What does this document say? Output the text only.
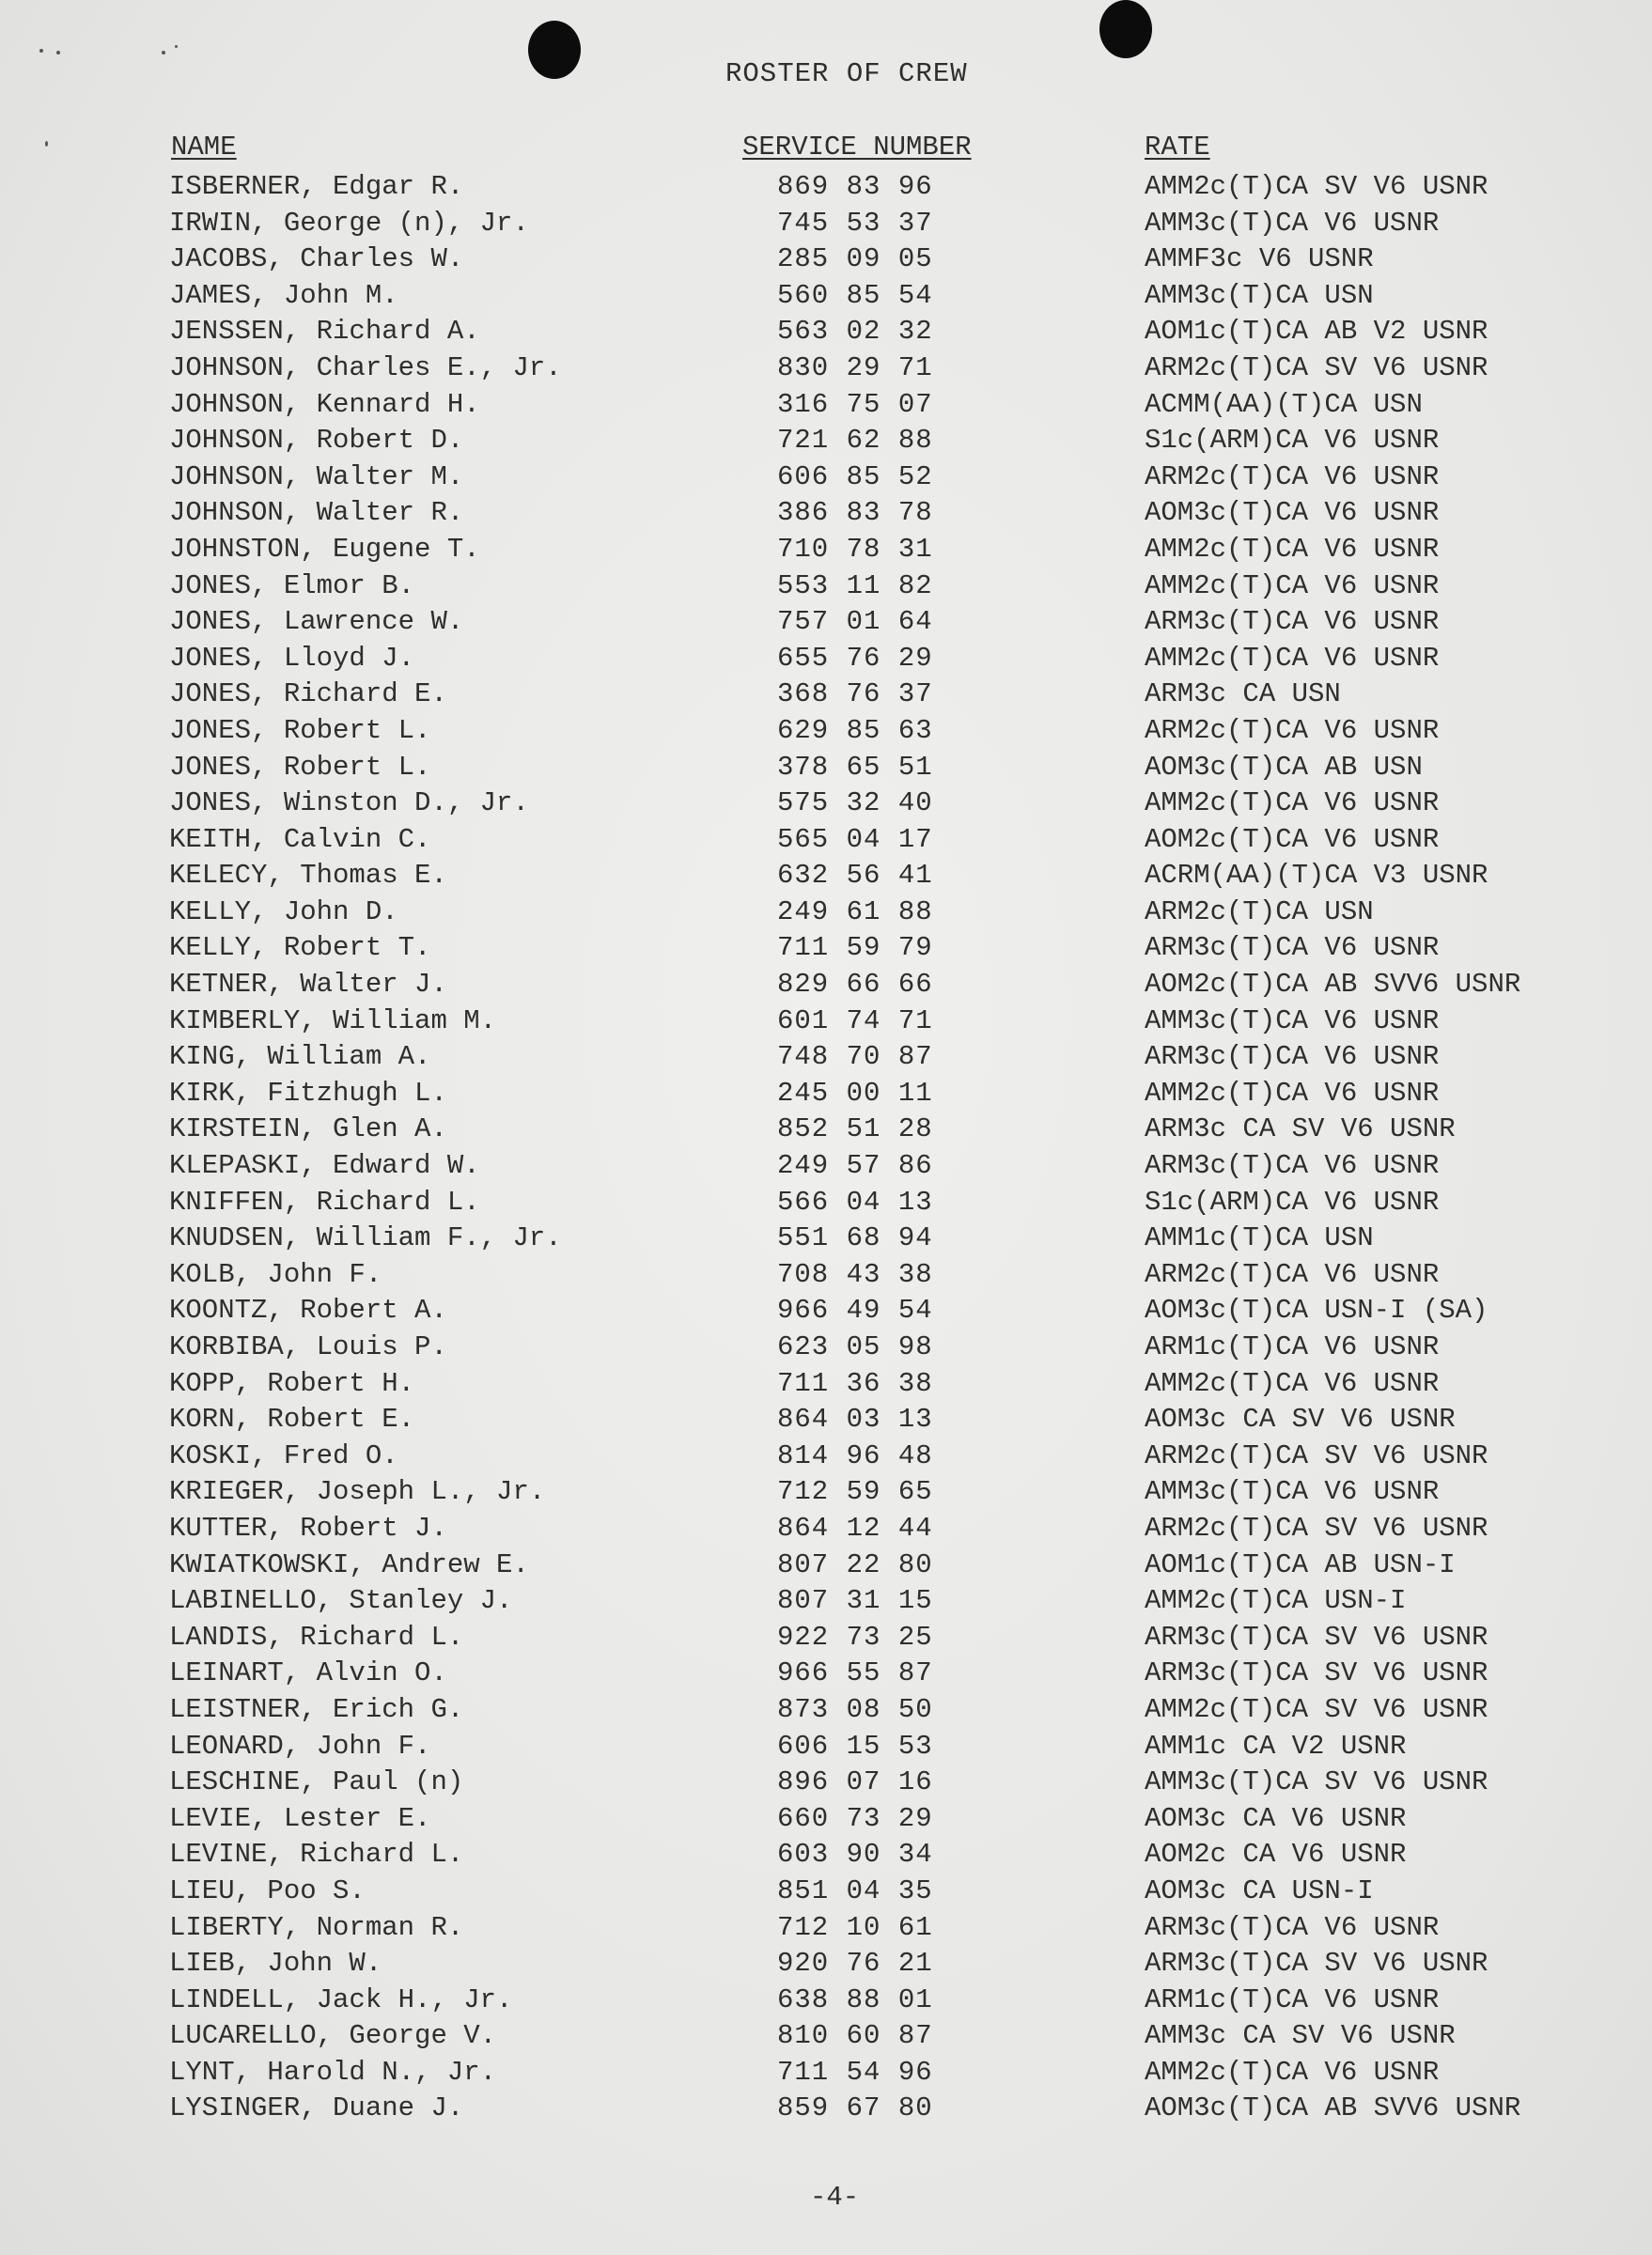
ROSTER OF CREW
NAME	SERVICE NUMBER	RATE
ISBERNER, Edgar R.	869 83 96	AMM2c(T)CA SV V6 USNR
IRWIN, George (n), Jr.	745 53 37	AMM3c(T)CA V6 USNR
JACOBS, Charles W.	285 09 05	AMMF3c V6 USNR
JAMES, John M.	560 85 54	AMM3c(T)CA USN
JENSSEN, Richard A.	563 02 32	AOM1c(T)CA AB V2 USNR
JOHNSON, Charles E., Jr.	830 29 71	ARM2c(T)CA SV V6 USNR
JOHNSON, Kennard H.	316 75 07	ACMM(AA)(T)CA USN
JOHNSON, Robert D.	721 62 88	S1c(ARM)CA V6 USNR
JOHNSON, Walter M.	606 85 52	ARM2c(T)CA V6 USNR
JOHNSON, Walter R.	386 83 78	AOM3c(T)CA V6 USNR
JOHNSTON, Eugene T.	710 78 31	AMM2c(T)CA V6 USNR
JONES, Elmor B.	553 11 82	AMM2c(T)CA V6 USNR
JONES, Lawrence W.	757 01 64	ARM3c(T)CA V6 USNR
JONES, Lloyd J.	655 76 29	AMM2c(T)CA V6 USNR
JONES, Richard E.	368 76 37	ARM3c CA USN
JONES, Robert L.	629 85 63	ARM2c(T)CA V6 USNR
JONES, Robert L.	378 65 51	AOM3c(T)CA AB USN
JONES, Winston D., Jr.	575 32 40	AMM2c(T)CA V6 USNR
KEITH, Calvin C.	565 04 17	AOM2c(T)CA V6 USNR
KELECY, Thomas E.	632 56 41	ACRM(AA)(T)CA V3 USNR
KELLY, John D.	249 61 88	ARM2c(T)CA USN
KELLY, Robert T.	711 59 79	ARM3c(T)CA V6 USNR
KETNER, Walter J.	829 66 66	AOM2c(T)CA AB SVV6 USNR
KIMBERLY, William M.	601 74 71	AMM3c(T)CA V6 USNR
KING, William A.	748 70 87	ARM3c(T)CA V6 USNR
KIRK, Fitzhugh L.	245 00 11	AMM2c(T)CA V6 USNR
KIRSTEIN, Glen A.	852 51 28	ARM3c CA SV V6 USNR
KLEPASKI, Edward W.	249 57 86	ARM3c(T)CA V6 USNR
KNIFFEN, Richard L.	566 04 13	S1c(ARM)CA V6 USNR
KNUDSEN, William F., Jr.	551 68 94	AMM1c(T)CA USN
KOLB, John F.	708 43 38	ARM2c(T)CA V6 USNR
KOONTZ, Robert A.	966 49 54	AOM3c(T)CA USN-I (SA)
KORBIBA, Louis P.	623 05 98	ARM1c(T)CA V6 USNR
KOPP, Robert H.	711 36 38	AMM2c(T)CA V6 USNR
KORN, Robert E.	864 03 13	AOM3c CA SV V6 USNR
KOSKI, Fred O.	814 96 48	ARM2c(T)CA SV V6 USNR
KRIEGER, Joseph L., Jr.	712 59 65	AMM3c(T)CA V6 USNR
KUTTER, Robert J.	864 12 44	ARM2c(T)CA SV V6 USNR
KWIATKOWSKI, Andrew E.	807 22 80	AOM1c(T)CA AB USN-I
LABINELLO, Stanley J.	807 31 15	AMM2c(T)CA USN-I
LANDIS, Richard L.	922 73 25	ARM3c(T)CA SV V6 USNR
LEINART, Alvin O.	966 55 87	ARM3c(T)CA SV V6 USNR
LEISTNER, Erich G.	873 08 50	AMM2c(T)CA SV V6 USNR
LEONARD, John F.	606 15 53	AMM1c CA V2 USNR
LESCHINE, Paul (n)	896 07 16	AMM3c(T)CA SV V6 USNR
LEVIE, Lester E.	660 73 29	AOM3c CA V6 USNR
LEVINE, Richard L.	603 90 34	AOM2c CA V6 USNR
LIEU, Poo S.	851 04 35	AOM3c CA USN-I
LIBERTY, Norman R.	712 10 61	ARM3c(T)CA V6 USNR
LIEB, John W.	920 76 21	ARM3c(T)CA SV V6 USNR
LINDELL, Jack H., Jr.	638 88 01	ARM1c(T)CA V6 USNR
LUCARELLO, George V.	810 60 87	AMM3c CA SV V6 USNR
LYNT, Harold N., Jr.	711 54 96	AMM2c(T)CA V6 USNR
LYSINGER, Duane J.	859 67 80	AOM3c(T)CA AB SVV6 USNR
-4-
